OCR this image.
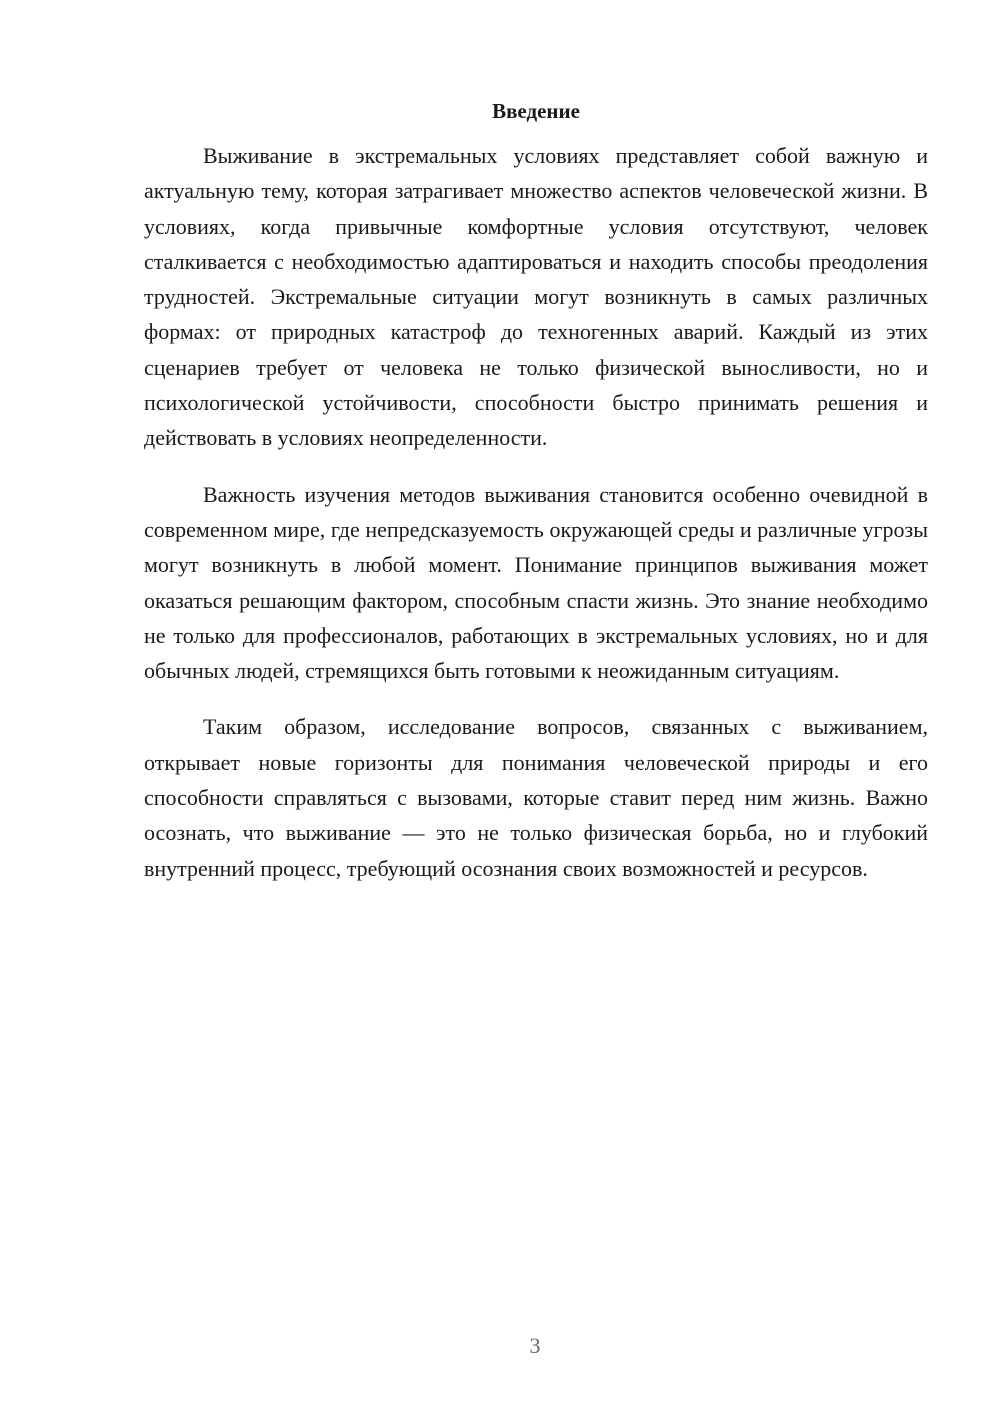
Введение

Выживание в экстремальных условиях представляет собой важную и актуальную тему, которая затрагивает множество аспектов человеческой жизни. В условиях, когда привычные комфортные условия отсутствуют, человек сталкивается с необходимостью адаптироваться и находить способы преодоления трудностей. Экстремальные ситуации могут возникнуть в самых различных формах: от природных катастроф до техногенных аварий. Каждый из этих сценариев требует от человека не только физической выносливости, но и психологической устойчивости, способности быстро принимать решения и действовать в условиях неопределенности.

Важность изучения методов выживания становится особенно очевидной в современном мире, где непредсказуемость окружающей среды и различные угрозы могут возникнуть в любой момент. Понимание принципов выживания может оказаться решающим фактором, способным спасти жизнь. Это знание необходимо не только для профессионалов, работающих в экстремальных условиях, но и для обычных людей, стремящихся быть готовыми к неожиданным ситуациям.

Таким образом, исследование вопросов, связанных с выживанием, открывает новые горизонты для понимания человеческой природы и его способности справляться с вызовами, которые ставит перед ним жизнь. Важно осознать, что выживание — это не только физическая борьба, но и глубокий внутренний процесс, требующий осознания своих возможностей и ресурсов.

3
